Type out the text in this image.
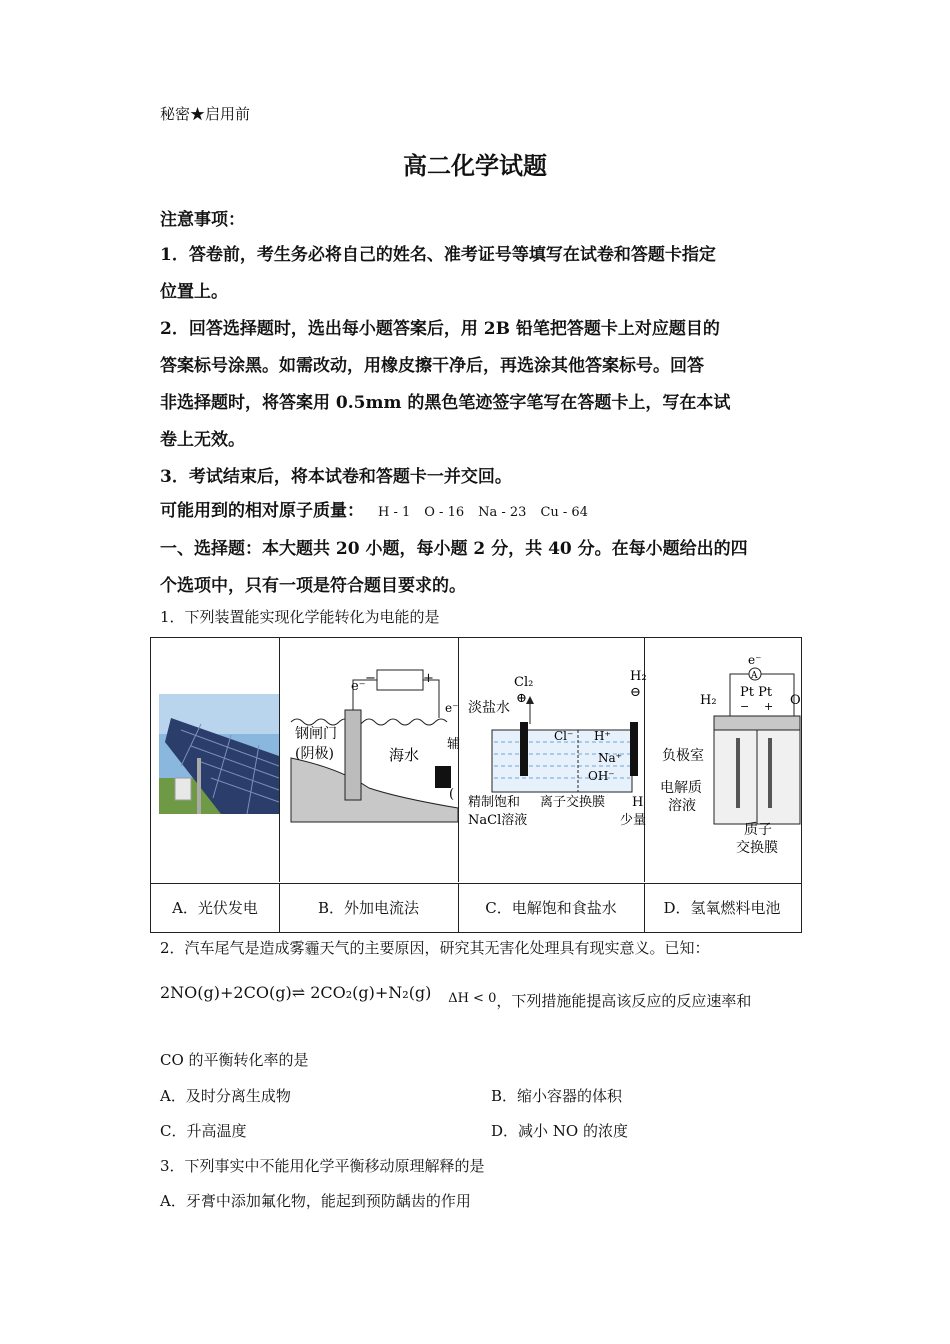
秘密★启用前
高二化学试题
注意事项：
1．答卷前，考生务必将自己的姓名、准考证号等填写在试卷和答题卡指定
位置上。
2．回答选择题时，选出每小题答案后，用 2B 铅笔把答题卡上对应题目的
答案标号涂黑。如需改动，用橡皮擦干净后，再选涂其他答案标号。回答
非选择题时，将答案用 0.5mm 的黑色笔迹签字笔写在答题卡上，写在本试
卷上无效。
3．考试结束后，将本试卷和答题卡一并交回。
可能用到的相对原子质量： H - 1 O - 16 Na - 23 Cu - 64
一、选择题：本大题共 20 小题，每小题 2 分，共 40 分。在每小题给出的四
个选项中，只有一项是符合题目要求的。
1．下列装置能实现化学能转化为电能的是
e⁻
−	+
钢闸门
(阴极)	海水
e⁻
辅
(
Cl₂	H₂
⊕	⊖
淡盐水
Cl⁻ H⁺
Na⁺
OH⁻
精制饱和
NaCl溶液
离子交换膜 H
少量
e⁻
A
H₂
Pt Pt
O
− +
负极室
电解质
溶液
质子
交换膜
A．光伏发电	B．外加电流法	C．电解饱和食盐水	D．氢氧燃料电池
2．汽车尾气是造成雾霾天气的主要原因，研究其无害化处理具有现实意义。已知：
2NO(g)+2CO(g)⇌ 2CO₂(g)+N₂(g) ΔH < 0，下列措施能提高该反应的反应速率和
CO 的平衡转化率的是
A．及时分离生成物	B．缩小容器的体积
C．升高温度	D．减小 NO 的浓度
3．下列事实中不能用化学平衡移动原理解释的是
A．牙膏中添加氟化物，能起到预防龋齿的作用
